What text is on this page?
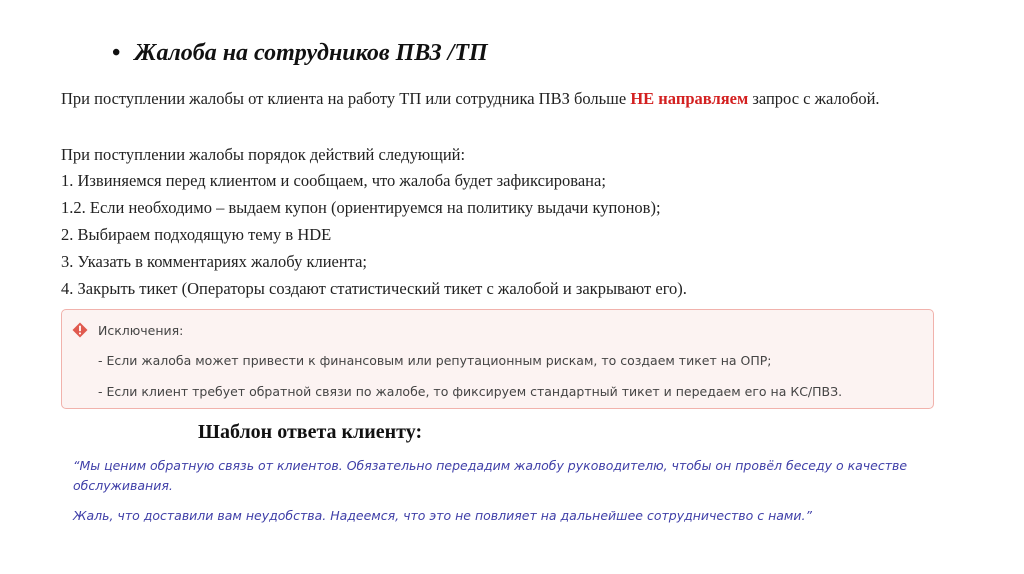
• Жалоба на сотрудников ПВЗ /ТП
При поступлении жалобы от клиента на работу ТП или сотрудника ПВЗ больше НЕ направляем запрос с жалобой.
При поступлении жалобы порядок действий следующий:
1. Извиняемся перед клиентом и сообщаем, что жалоба будет зафиксирована;
1.2. Если необходимо – выдаем купон (ориентируемся на политику выдачи купонов);
2. Выбираем подходящую тему в HDE
3. Указать в комментариях жалобу клиента;
4. Закрыть тикет (Операторы создают статистический тикет с жалобой и закрывают его).
Исключения:
- Если жалоба может привести к финансовым или репутационным рискам, то создаем тикет на ОПР;
- Если клиент требует обратной связи по жалобе, то фиксируем стандартный тикет и передаем его на КС/ПВЗ.
Шаблон ответа клиенту:
“Мы ценим обратную связь от клиентов. Обязательно передадим жалобу руководителю, чтобы он провёл беседу о качестве
обслуживания.
Жаль, что доставили вам неудобства. Надеемся, что это не повлияет на дальнейшее сотрудничество с нами.”
